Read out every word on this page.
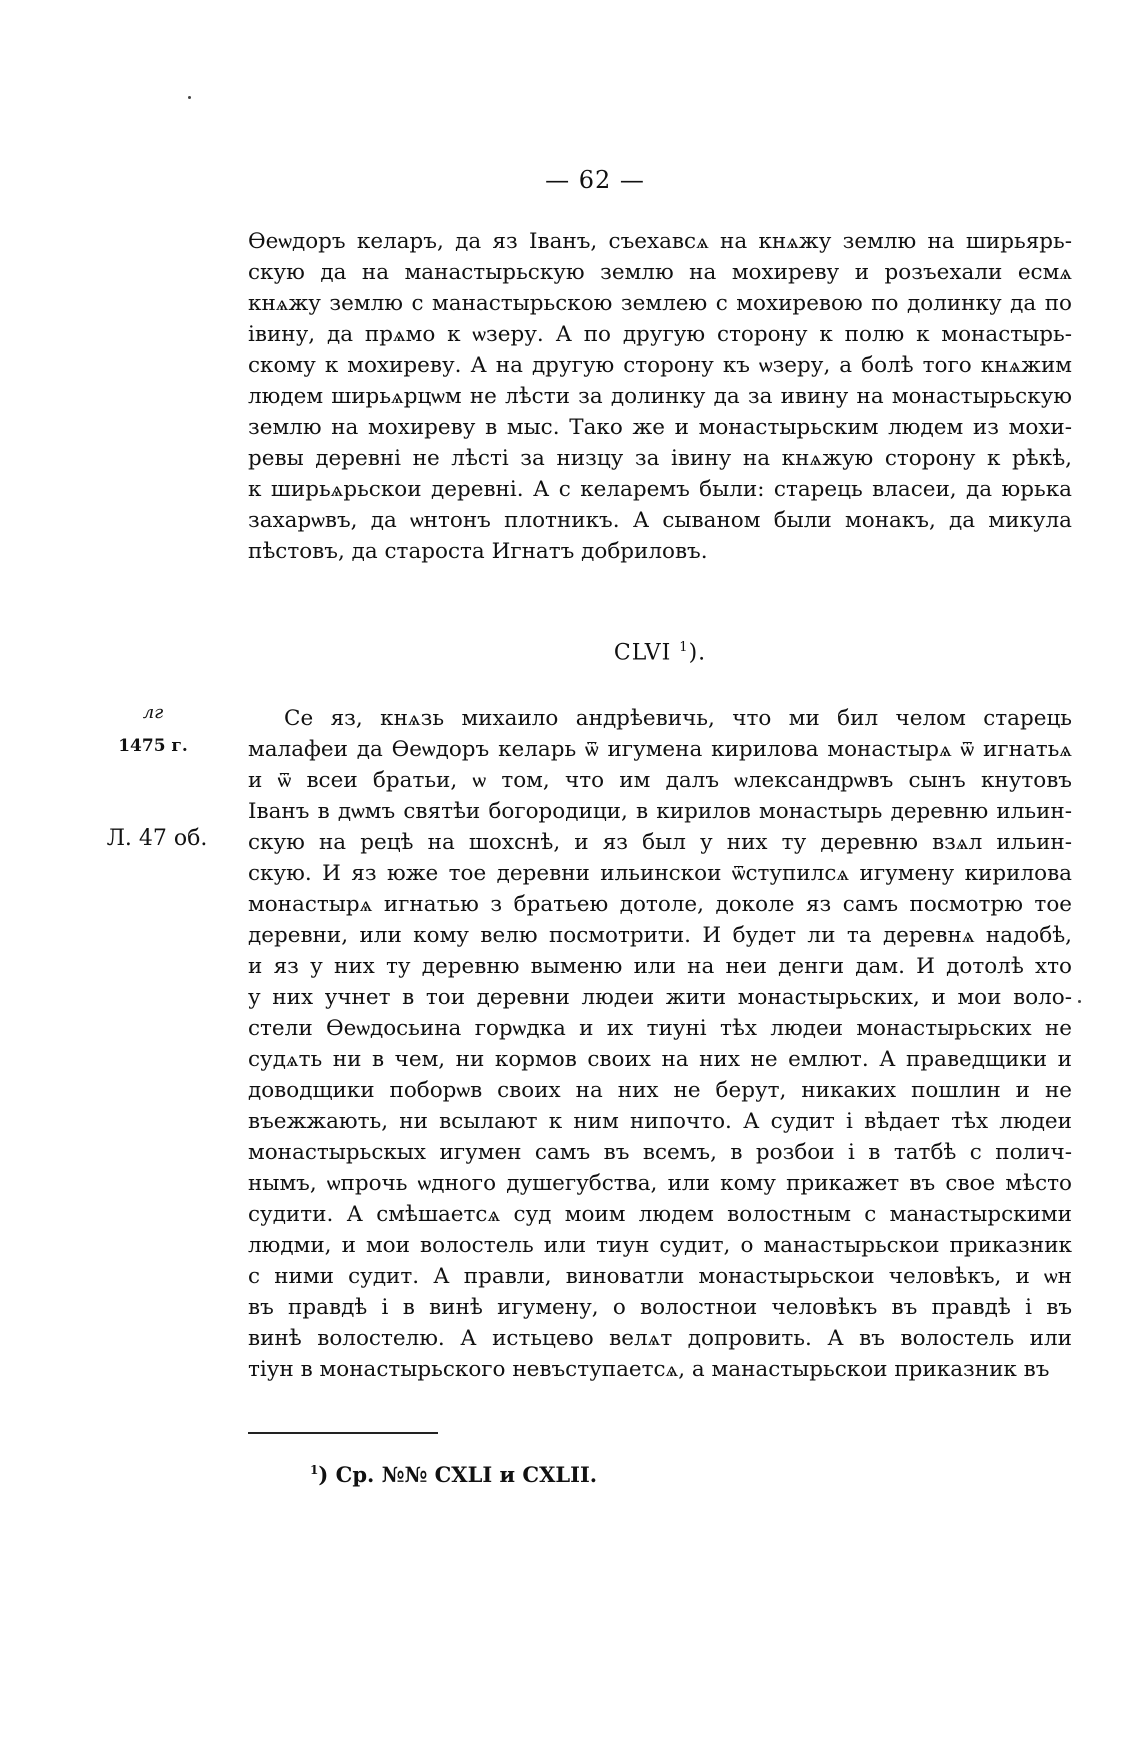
— 62 —
Ѳеѡдоръ келаръ, да яз Іванъ, съехавсѧ на кнѧжу землю на ширьярь-
скую да на манастырьскую землю на мохиреву и розъехали есмѧ
кнѧжу землю с манастырьскою землею с мохиревою по долинку да по
івину, да прѧмо к ѡзеру. А по другую сторону к полю к монастырь-
скому к мохиреву. А на другую сторону къ ѡзеру, а болѣ того кнѧжим
людем ширьѧрцѡм не лѣсти за долинку да за ивину на монастырьскую
землю на мохиреву в мыс. Тако же и монастырьским людем из мохи-
ревы деревні не лѣсті за низцу за івину на кнѧжую сторону к рѣкѣ,
к ширьѧрьскои деревні. А с келаремъ были: старець власеи, да юрька
захарѡвъ, да ѡнтонъ плотникъ. А сываном были монакъ, да микула
пѣстовъ, да староста Игнатъ добриловъ.
CLVI $^1$).
лг
1475 г.
Л. 47 об.
Се яз, кнѧзь михаило андрѣевичь, что ми бил челом старець
малафеи да Ѳеѡдоръ келарь ѿ игумена кирилова монастырѧ ѿ игнатьѧ
и ѿ всеи братьи, ѡ том, что им далъ ѡлександрѡвъ сынъ кнутовъ
Іванъ в дѡмъ святѣи богородици, в кирилов монастырь деревню ильин-
скую на рецѣ на шохснѣ, и яз был у них ту деревню взѧл ильин-
скую. И яз юже тое деревни ильинскои ѿступилсѧ игумену кирилова
монастырѧ игнатью з братьею дотоле, доколе яз самъ посмотрю тое
деревни, или кому велю посмотрити. И будет ли та деревнѧ надобѣ,
и яз у них ту деревню выменю или на неи денги дам. И дотолѣ хто
у них учнет в тои деревни людеи жити монастырьских, и мои воло-
стели Ѳеѡдосьина горѡдка и их тиуні тѣх людеи монастырьских не
судѧть ни в чем, ни кормов своих на них не емлют. А праведщики и
доводщики поборѡв своих на них не берут, никаких пошлин и не
въежжають, ни всылают к ним нипочто. А судит і вѣдает тѣх людеи
монастырьскых игумен самъ въ всемъ, в розбои і в татбѣ с полич-
нымъ, ѡпрочь ѡдного душегубства, или кому прикажет въ свое мѣсто
судити. А смѣшаетсѧ суд моим людем волостным с манастырскими
людми, и мои волостель или тиун судит, о манастырьскои приказник
с ними судит. А правли, виноватли монастырьскои человѣкъ, и ѡн
въ правдѣ і в винѣ игумену, о волостнои человѣкъ въ правдѣ і въ
винѣ волостелю. А истьцево велѧт допровить. А въ волостель или
тіун в монастырьского невъступаетсѧ, а манастырьскои приказник въ
$^1$) Ср. №№ CXLI и CXLII.
